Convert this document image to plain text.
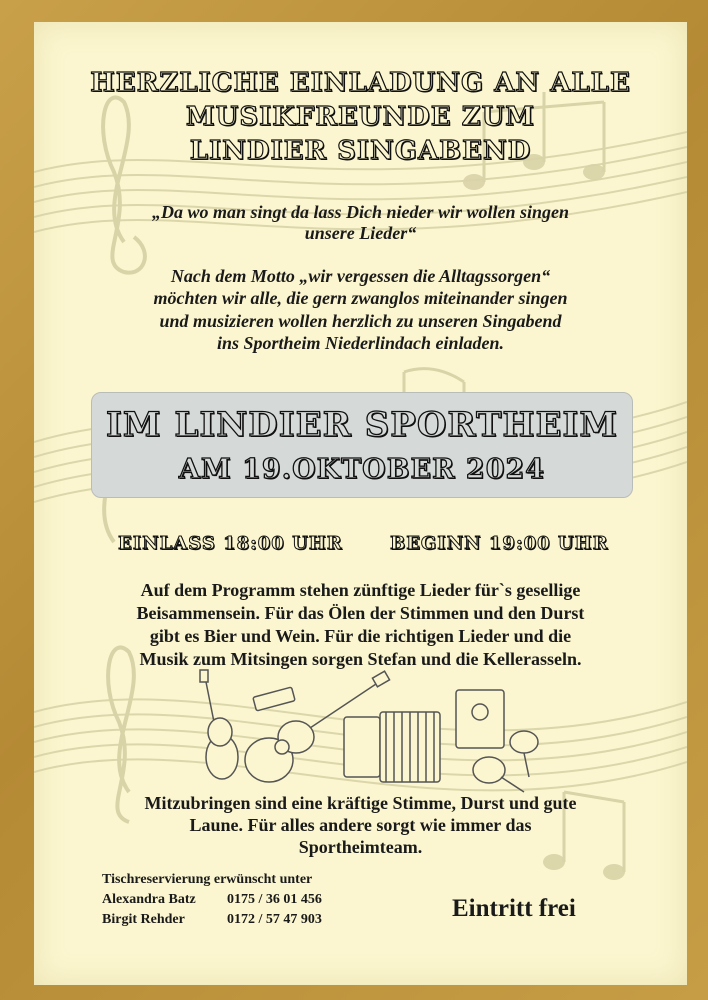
HERZLICHE EINLADUNG AN ALLE

MUSIKFREUNDE ZUM

LINDIER SINGABEND

„Da wo man singt da lass Dich nieder wir wollen singen

unsere Lieder“

Nach dem Motto „wir vergessen die Alltagssorgen“

möchten wir alle, die gern zwanglos miteinander singen

und musizieren wollen herzlich zu unseren Singabend

ins Sportheim Niederlindach einladen.

IM LINDIER SPORTHEIM

AM 19.OKTOBER 2024

EINLASS 18:00 UHR	BEGINN 19:00 UHR

Auf dem Programm stehen zünftige Lieder für`s gesellige

Beisammensein. Für das Ölen der Stimmen und den Durst

gibt es Bier und Wein. Für die richtigen Lieder und die

Musik zum Mitsingen sorgen Stefan und die Kellerasseln.

Mitzubringen sind eine kräftige Stimme, Durst und gute

Laune. Für alles andere sorgt wie immer das

Sportheimteam.

Tischreservierung erwünscht unter

Alexandra Batz 0175 / 36 01 456

Birgit Rehder	0172 / 57 47 903	Eintritt frei
